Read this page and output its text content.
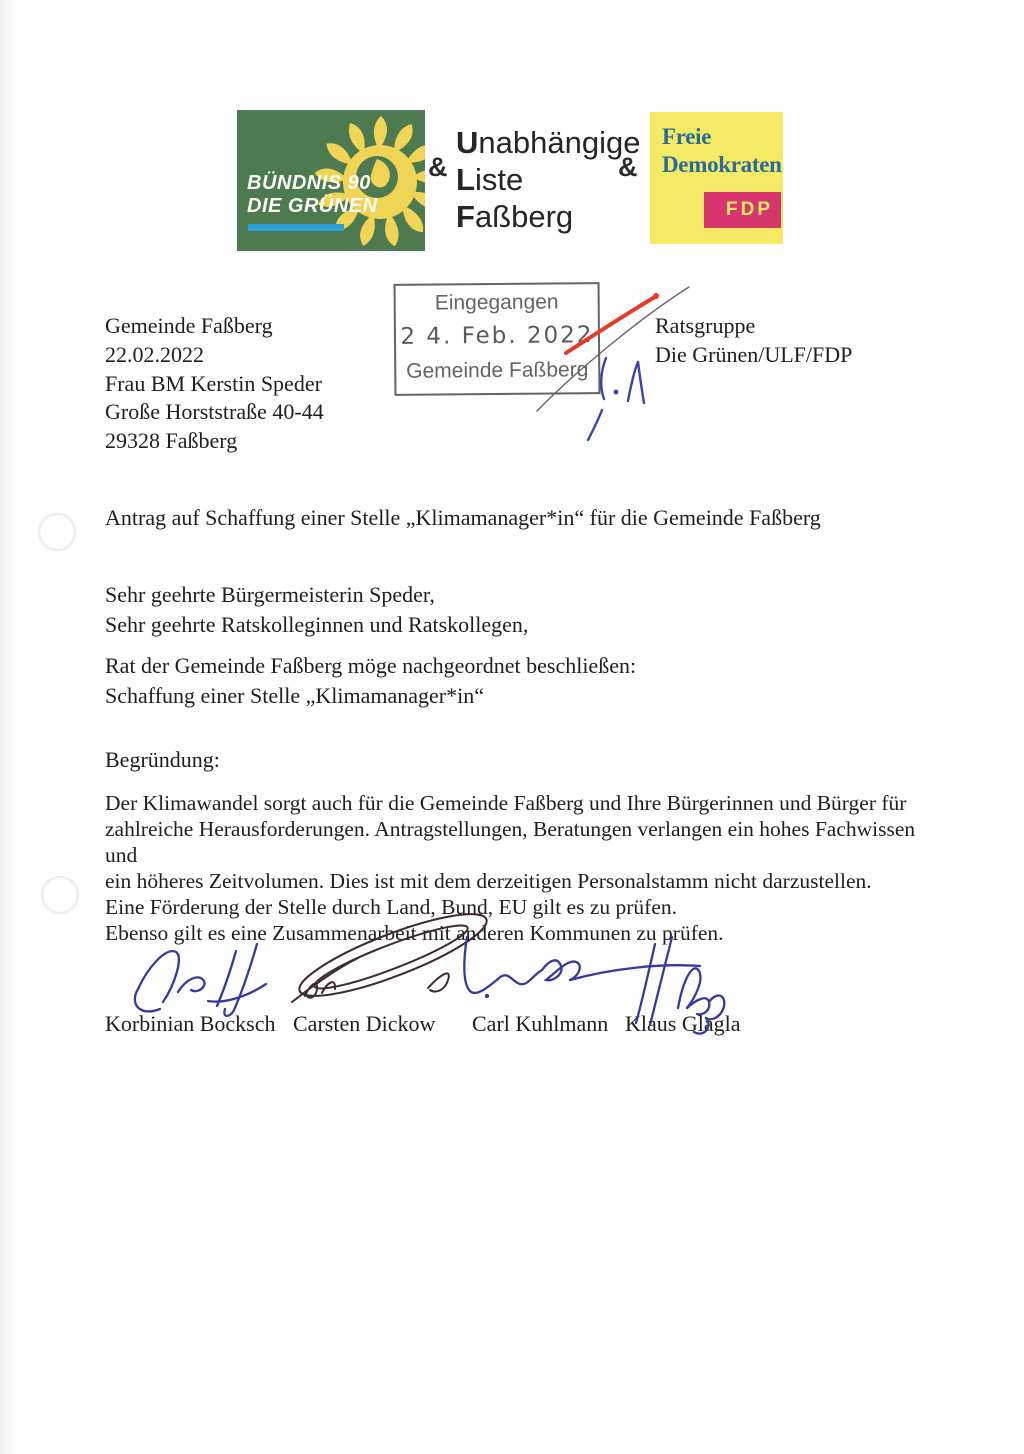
BÜNDNIS 90
DIE GRÜNEN
&
Unabhängige
Liste
Faßberg
&
Freie
Demokraten
FDP
Gemeinde Faßberg
22.02.2022
Frau BM Kerstin Speder
Große Horststraße 40-44
29328 Faßberg
Eingegangen
2 4. Feb. 2022
Gemeinde Faßberg
Ratsgruppe
Die Grünen/ULF/FDP
Antrag auf Schaffung einer Stelle „Klimamanager*in“ für die Gemeinde Faßberg
Sehr geehrte Bürgermeisterin Speder,
Sehr geehrte Ratskolleginnen und Ratskollegen,
Rat der Gemeinde Faßberg möge nachgeordnet beschließen:
Schaffung einer Stelle „Klimamanager*in“
Begründung:
Der Klimawandel sorgt auch für die Gemeinde Faßberg und Ihre Bürgerinnen und Bürger für
zahlreiche Herausforderungen. Antragstellungen, Beratungen verlangen ein hohes Fachwissen und
ein höheres Zeitvolumen. Dies ist mit dem derzeitigen Personalstamm nicht darzustellen.
Eine Förderung der Stelle durch Land, Bund, EU gilt es zu prüfen.
Ebenso gilt es eine Zusammenarbeit mit anderen Kommunen zu prüfen.
Korbinian Bocksch Carsten Dickow Carl Kuhlmann Klaus Glagla
